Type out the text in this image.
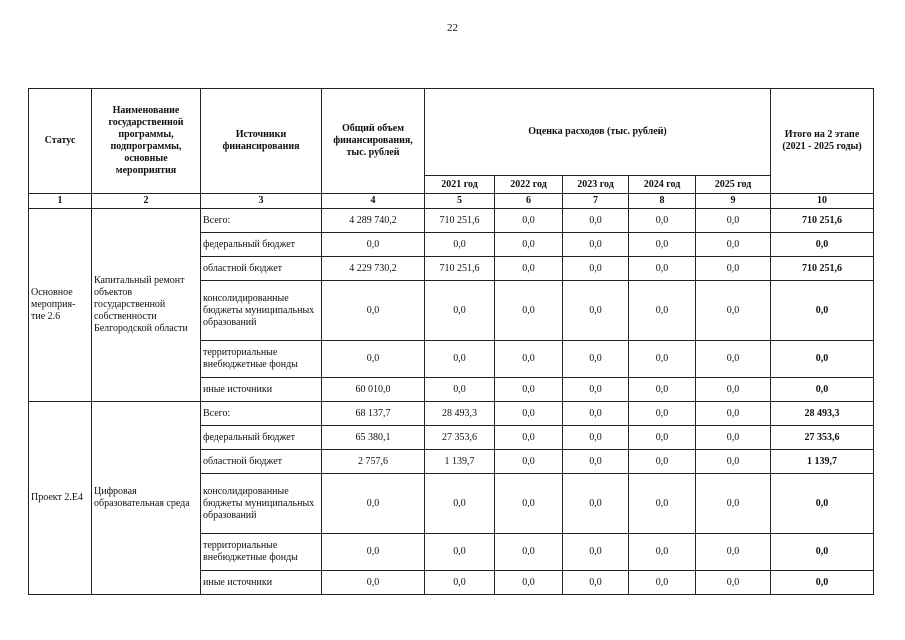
22
Статус	Наименование государственной программы, подпрограммы, основные мероприятия	Источники финансирования	Общий объем финансирования, тыс. рублей	Оценка расходов (тыс. рублей)					Итого на 2 этапе (2021 - 2025 годы)
				2021 год	2022 год	2023 год	2024 год	2025 год	
1	2	3	4	5	6	7	8	9	10
Основное мероприя-тие 2.6	Капитальный ремонт объектов государственной собственности Белгородской области	Всего:	4 289 740,2	710 251,6	0,0	0,0	0,0	0,0	710 251,6
		федеральный бюджет	0,0	0,0	0,0	0,0	0,0	0,0	0,0
		областной бюджет	4 229 730,2	710 251,6	0,0	0,0	0,0	0,0	710 251,6
		консолидированные бюджеты муниципальных образований	0,0	0,0	0,0	0,0	0,0	0,0	0,0
		территориальные внебюджетные фонды	0,0	0,0	0,0	0,0	0,0	0,0	0,0
		иные источники	60 010,0	0,0	0,0	0,0	0,0	0,0	0,0
Проект 2.Е4	Цифровая образовательная среда	Всего:	68 137,7	28 493,3	0,0	0,0	0,0	0,0	28 493,3
		федеральный бюджет	65 380,1	27 353,6	0,0	0,0	0,0	0,0	27 353,6
		областной бюджет	2 757,6	1 139,7	0,0	0,0	0,0	0,0	1 139,7
		консолидированные бюджеты муниципальных образований	0,0	0,0	0,0	0,0	0,0	0,0	0,0
		территориальные внебюджетные фонды	0,0	0,0	0,0	0,0	0,0	0,0	0,0
		иные источники	0,0	0,0	0,0	0,0	0,0	0,0	0,0
